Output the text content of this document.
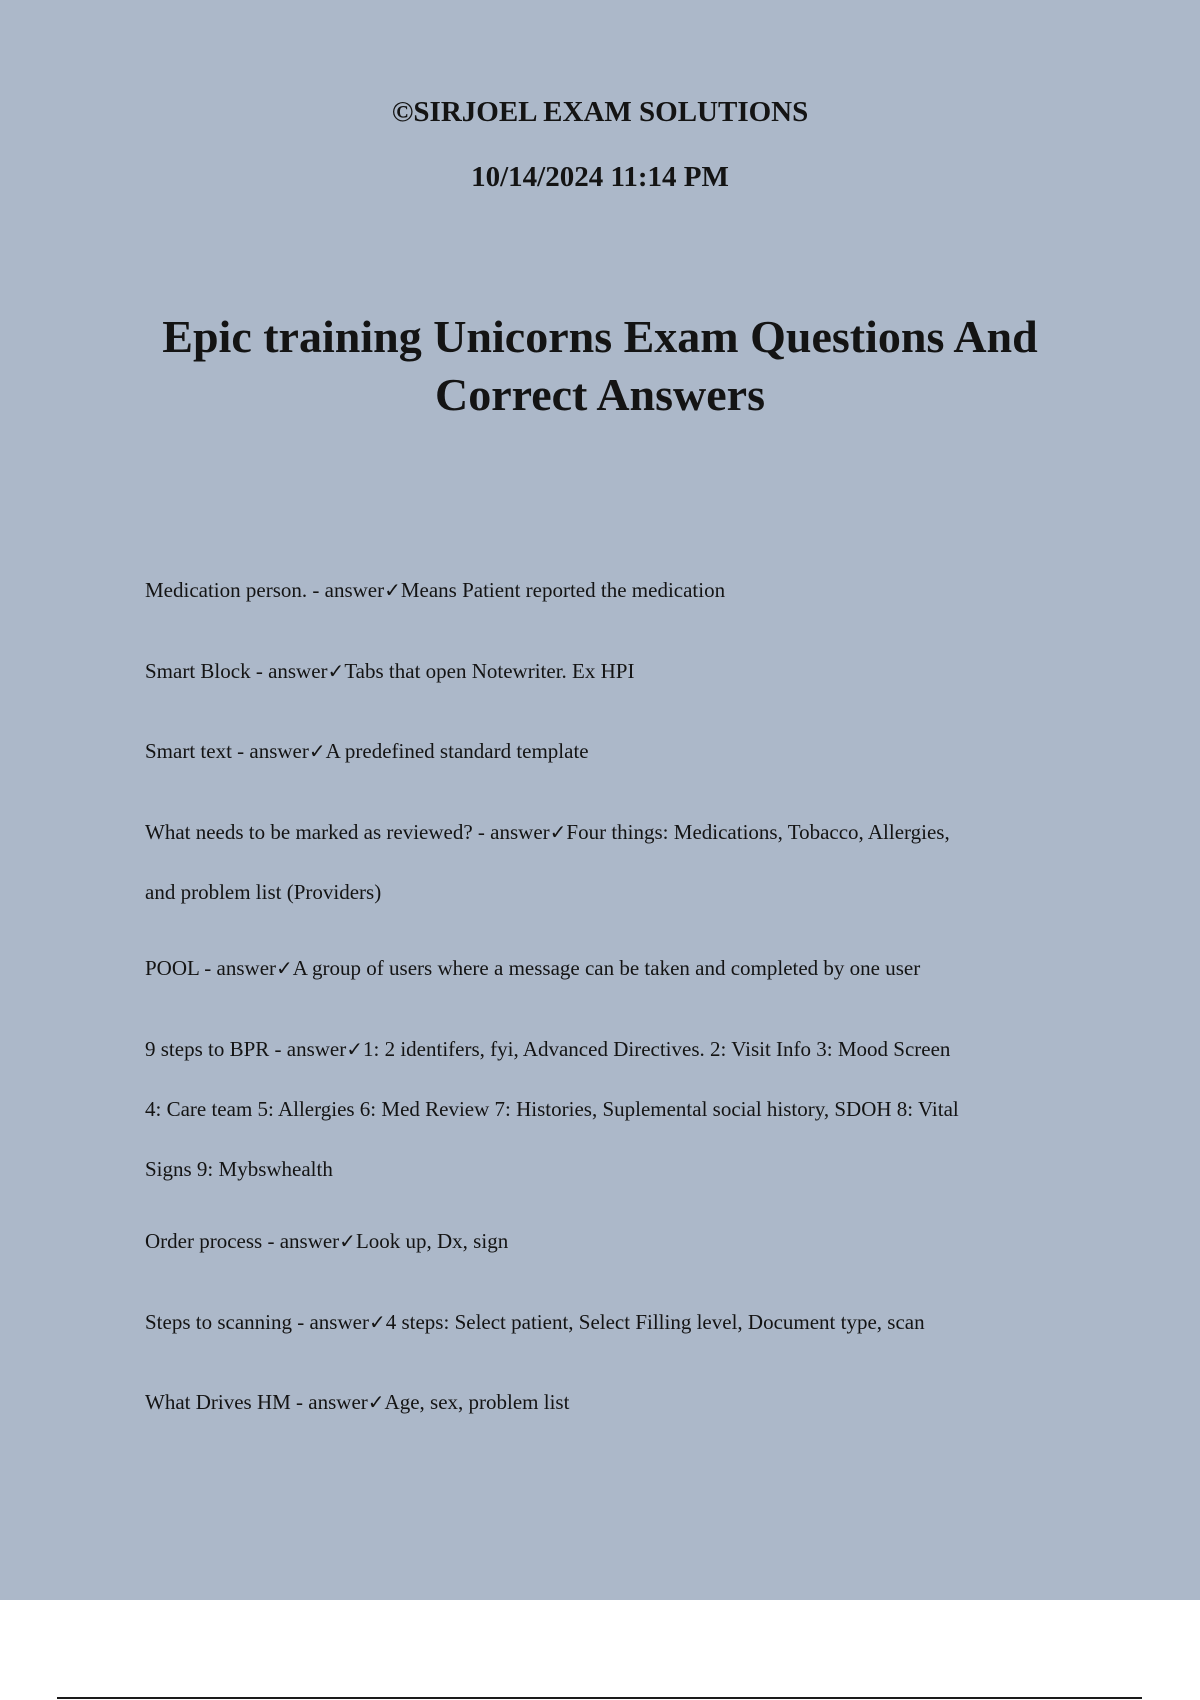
©SIRJOEL EXAM SOLUTIONS
10/14/2024 11:14 PM
Epic training Unicorns Exam Questions And
Correct Answers
Medication person. - answer✓Means Patient reported the medication
Smart Block - answer✓Tabs that open Notewriter. Ex HPI
Smart text - answer✓A predefined standard template
What needs to be marked as reviewed? - answer✓Four things: Medications, Tobacco, Allergies,
and problem list (Providers)
POOL - answer✓A group of users where a message can be taken and completed by one user
9 steps to BPR - answer✓1: 2 identifers, fyi, Advanced Directives. 2: Visit Info 3: Mood Screen
4: Care team 5: Allergies 6: Med Review 7: Histories, Suplemental social history, SDOH 8: Vital
Signs 9: Mybswhealth
Order process - answer✓Look up, Dx, sign
Steps to scanning - answer✓4 steps: Select patient, Select Filling level, Document type, scan
What Drives HM - answer✓Age, sex, problem list
